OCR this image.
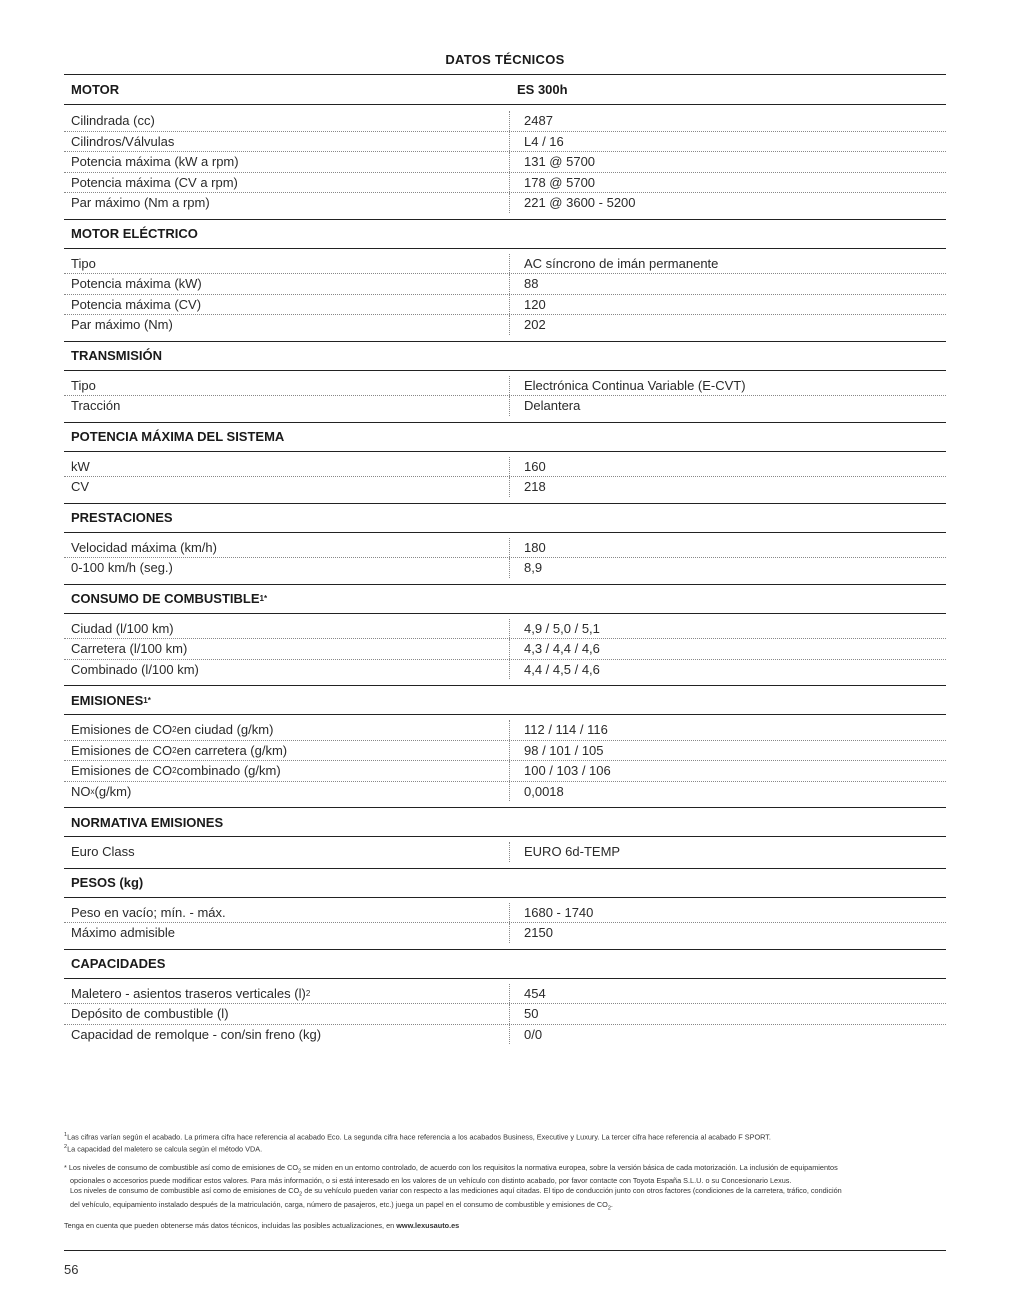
DATOS TÉCNICOS
MOTOR	ES 300h
Cilindrada (cc)	2487
Cilindros/Válvulas	L4 / 16
Potencia máxima (kW a rpm)	131 @ 5700
Potencia máxima (CV a rpm)	178 @ 5700
Par máximo (Nm a rpm)	221 @ 3600 - 5200
MOTOR ELÉCTRICO
Tipo	AC síncrono de imán permanente
Potencia máxima (kW)	88
Potencia máxima (CV)	120
Par máximo (Nm)	202
TRANSMISIÓN
Tipo	Electrónica Continua Variable (E-CVT)
Tracción	Delantera
POTENCIA MÁXIMA DEL SISTEMA
kW	160
CV	218
PRESTACIONES
Velocidad máxima (km/h)	180
0-100 km/h (seg.)	8,9
CONSUMO DE COMBUSTIBLE 1*
Ciudad (l/100 km)	4,9 / 5,0 / 5,1
Carretera (l/100 km)	4,3 / 4,4 / 4,6
Combinado (l/100 km)	4,4 / 4,5 / 4,6
EMISIONES 1*
Emisiones de CO 2 en ciudad (g/km)	112 / 114 / 116
Emisiones de CO 2 en carretera (g/km)	98 / 101 / 105
Emisiones de CO 2 combinado (g/km)	100 / 103 / 106
NO x (g/km)	0,0018
NORMATIVA EMISIONES
Euro Class	EURO 6d-TEMP
PESOS (kg)
Peso en vacío; mín. - máx.	1680 - 1740
Máximo admisible	2150
CAPACIDADES
Maletero - asientos traseros verticales (l) 2	454
Depósito de combustible (l)	50
Capacidad de remolque - con/sin freno (kg)	0/0

$^1$Las cifras varían según el acabado. La primera cifra hace referencia al acabado Eco. La segunda cifra hace referencia a los acabados Business, Executive y Luxury. La tercer cifra hace referencia al acabado F SPORT.

$^2$La capacidad del maletero se calcula según el método VDA.

* Los niveles de consumo de combustible así como de emisiones de $CO_2$ se miden en un entorno controlado, de acuerdo con los requisitos la normativa europea, sobre la versión básica de cada motorización. La inclusión de equipamientos

opcionales o accesorios puede modificar estos valores. Para más información, o si está interesado en los valores de un vehículo con distinto acabado, por favor contacte con Toyota España S.L.U. o su Concesionario Lexus.

Los niveles de consumo de combustible así como de emisiones de $CO_2$ de su vehículo pueden variar con respecto a las mediciones aquí citadas. El tipo de conducción junto con otros factores (condiciones de la carretera, tráfico, condición

del vehículo, equipamiento instalado después de la matriculación, carga, número de pasajeros, etc.) juega un papel en el consumo de combustible y emisiones de $CO_2$.

Tenga en cuenta que pueden obtenerse más datos técnicos, incluidas las posibles actualizaciones, en www.lexusauto.es

56
